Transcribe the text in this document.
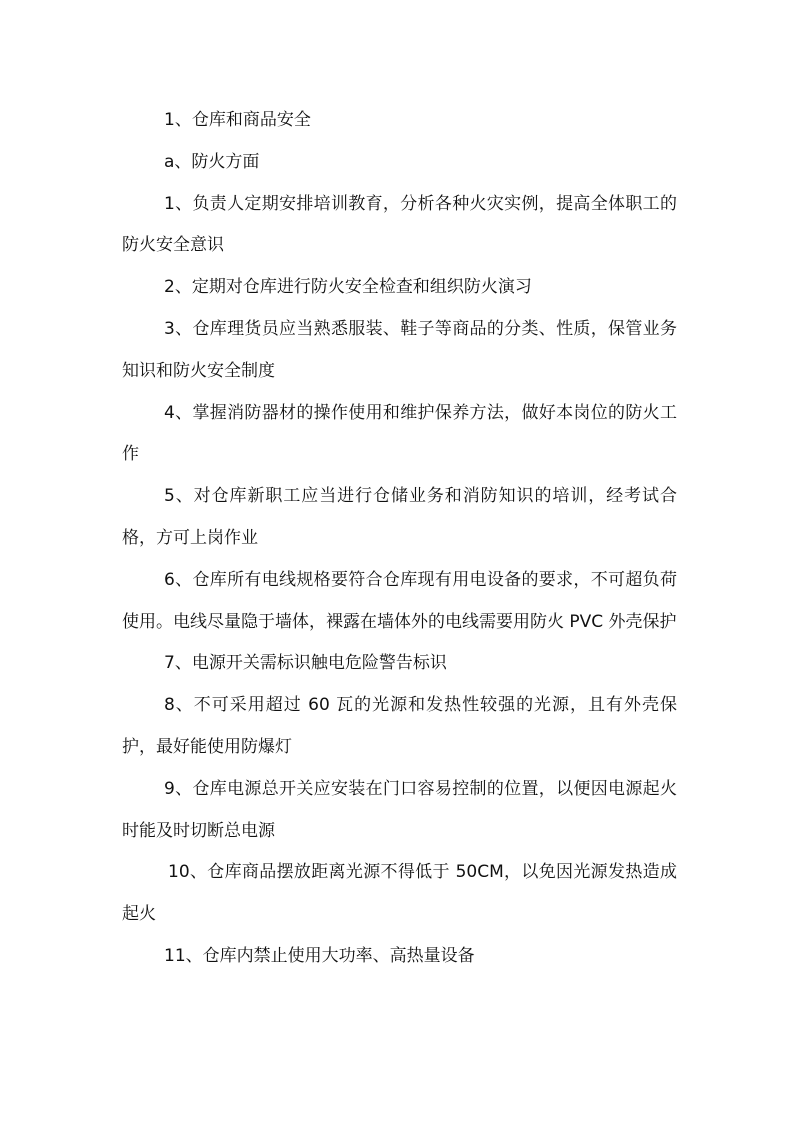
1、仓库和商品安全

a、防火方面

1、负责人定期安排培训教育，分析各种火灾实例，提高全体职工的防火安全意识

2、定期对仓库进行防火安全检查和组织防火演习

3、仓库理货员应当熟悉服装、鞋子等商品的分类、性质，保管业务知识和防火安全制度

4、掌握消防器材的操作使用和维护保养方法，做好本岗位的防火工作

5、对仓库新职工应当进行仓储业务和消防知识的培训，经考试合格，方可上岗作业

6、仓库所有电线规格要符合仓库现有用电设备的要求，不可超负荷使用。电线尽量隐于墙体，裸露在墙体外的电线需要用防火 PVC 外壳保护

7、电源开关需标识触电危险警告标识

8、不可采用超过 60 瓦的光源和发热性较强的光源，且有外壳保护，最好能使用防爆灯

9、仓库电源总开关应安装在门口容易控制的位置，以便因电源起火时能及时切断总电源

10、仓库商品摆放距离光源不得低于 50CM，以免因光源发热造成起火

11、仓库内禁止使用大功率、高热量设备
